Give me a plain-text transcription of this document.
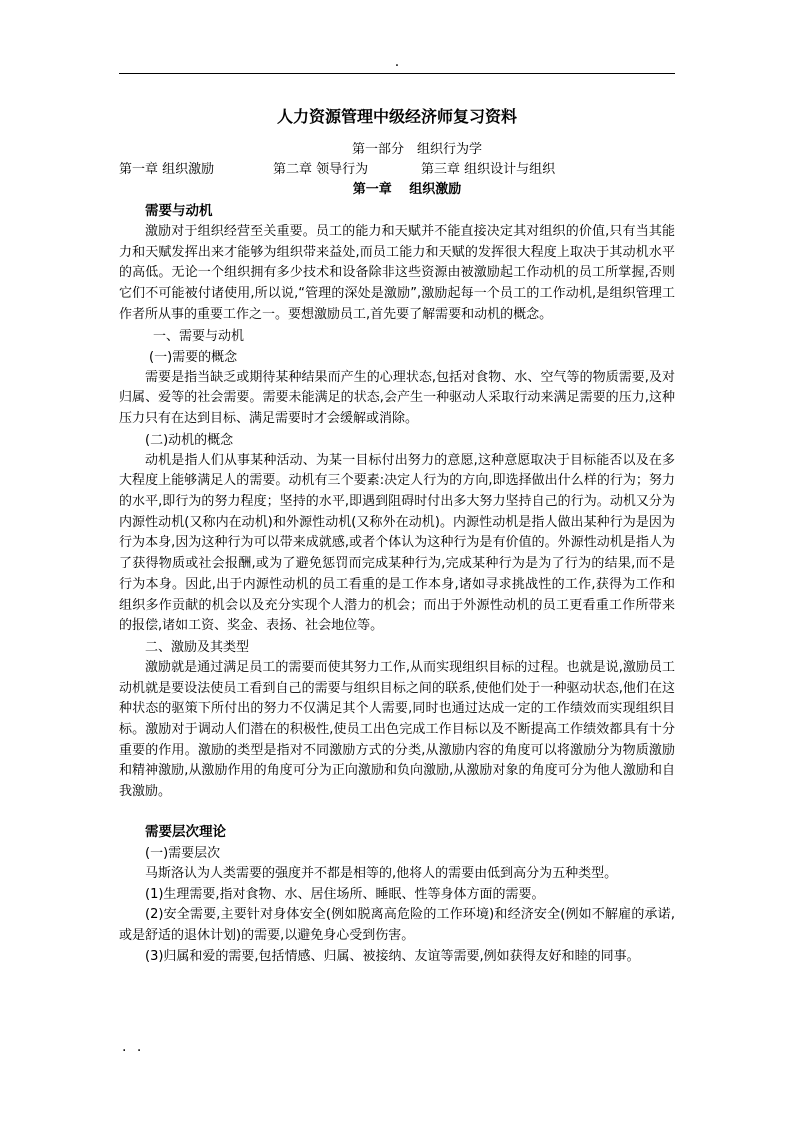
.
人力资源管理中级经济师复习资料
第一部分　组织行为学
第一章 组织激励	第二章 领导行为	第三章 组织设计与组织
第一章　 组织激励
需要与动机

激励对于组织经营至关重要。员工的能力和天赋并不能直接决定其对组织的价值,只有当其能力和天赋发挥出来才能够为组织带来益处,而员工能力和天赋的发挥很大程度上取决于其动机水平的高低。无论一个组织拥有多少技术和设备除非这些资源由被激励起工作动机的员工所掌握,否则它们不可能被付诸使用,所以说,“管理的深处是激励”,激励起每一个员工的工作动机,是组织管理工作者所从事的重要工作之一。要想激励员工,首先要了解需要和动机的概念。

一、需要与动机
(一)需要的概念

需要是指当缺乏或期待某种结果而产生的心理状态,包括对食物、水、空气等的物质需要,及对归属、爱等的社会需要。需要未能满足的状态,会产生一种驱动人采取行动来满足需要的压力,这种压力只有在达到目标、满足需要时才会缓解或消除。

(二)动机的概念

动机是指人们从事某种活动、为某一目标付出努力的意愿,这种意愿取决于目标能否以及在多大程度上能够满足人的需要。动机有三个要素:决定人行为的方向,即选择做出什么样的行为；努力的水平,即行为的努力程度；坚持的水平,即遇到阻碍时付出多大努力坚持自己的行为。动机又分为内源性动机(又称内在动机)和外源性动机(又称外在动机)。内源性动机是指人做出某种行为是因为行为本身,因为这种行为可以带来成就感,或者个体认为这种行为是有价值的。外源性动机是指人为了获得物质或社会报酬,或为了避免惩罚而完成某种行为,完成某种行为是为了行为的结果,而不是行为本身。因此,出于内源性动机的员工看重的是工作本身,诸如寻求挑战性的工作,获得为工作和组织多作贡献的机会以及充分实现个人潜力的机会；而出于外源性动机的员工更看重工作所带来的报偿,诸如工资、奖金、表扬、社会地位等。

二、激励及其类型

激励就是通过满足员工的需要而使其努力工作,从而实现组织目标的过程。也就是说,激励员工动机就是要设法使员工看到自己的需要与组织目标之间的联系,使他们处于一种驱动状态,他们在这种状态的驱策下所付出的努力不仅满足其个人需要,同时也通过达成一定的工作绩效而实现组织目标。激励对于调动人们潜在的积极性,使员工出色完成工作目标以及不断提高工作绩效都具有十分重要的作用。激励的类型是指对不同激励方式的分类,从激励内容的角度可以将激励分为物质激励和精神激励,从激励作用的角度可分为正向激励和负向激励,从激励对象的角度可分为他人激励和自我激励。

需要层次理论
(一)需要层次

马斯洛认为人类需要的强度并不都是相等的,他将人的需要由低到高分为五种类型。

(1)生理需要,指对食物、水、居住场所、睡眠、性等身体方面的需要。

(2)安全需要,主要针对身体安全(例如脱离高危险的工作环境)和经济安全(例如不解雇的承诺,或是舒适的退休计划)的需要,以避免身心受到伤害。

(3)归属和爱的需要,包括情感、归属、被接纳、友谊等需要,例如获得友好和睦的同事。

. .
